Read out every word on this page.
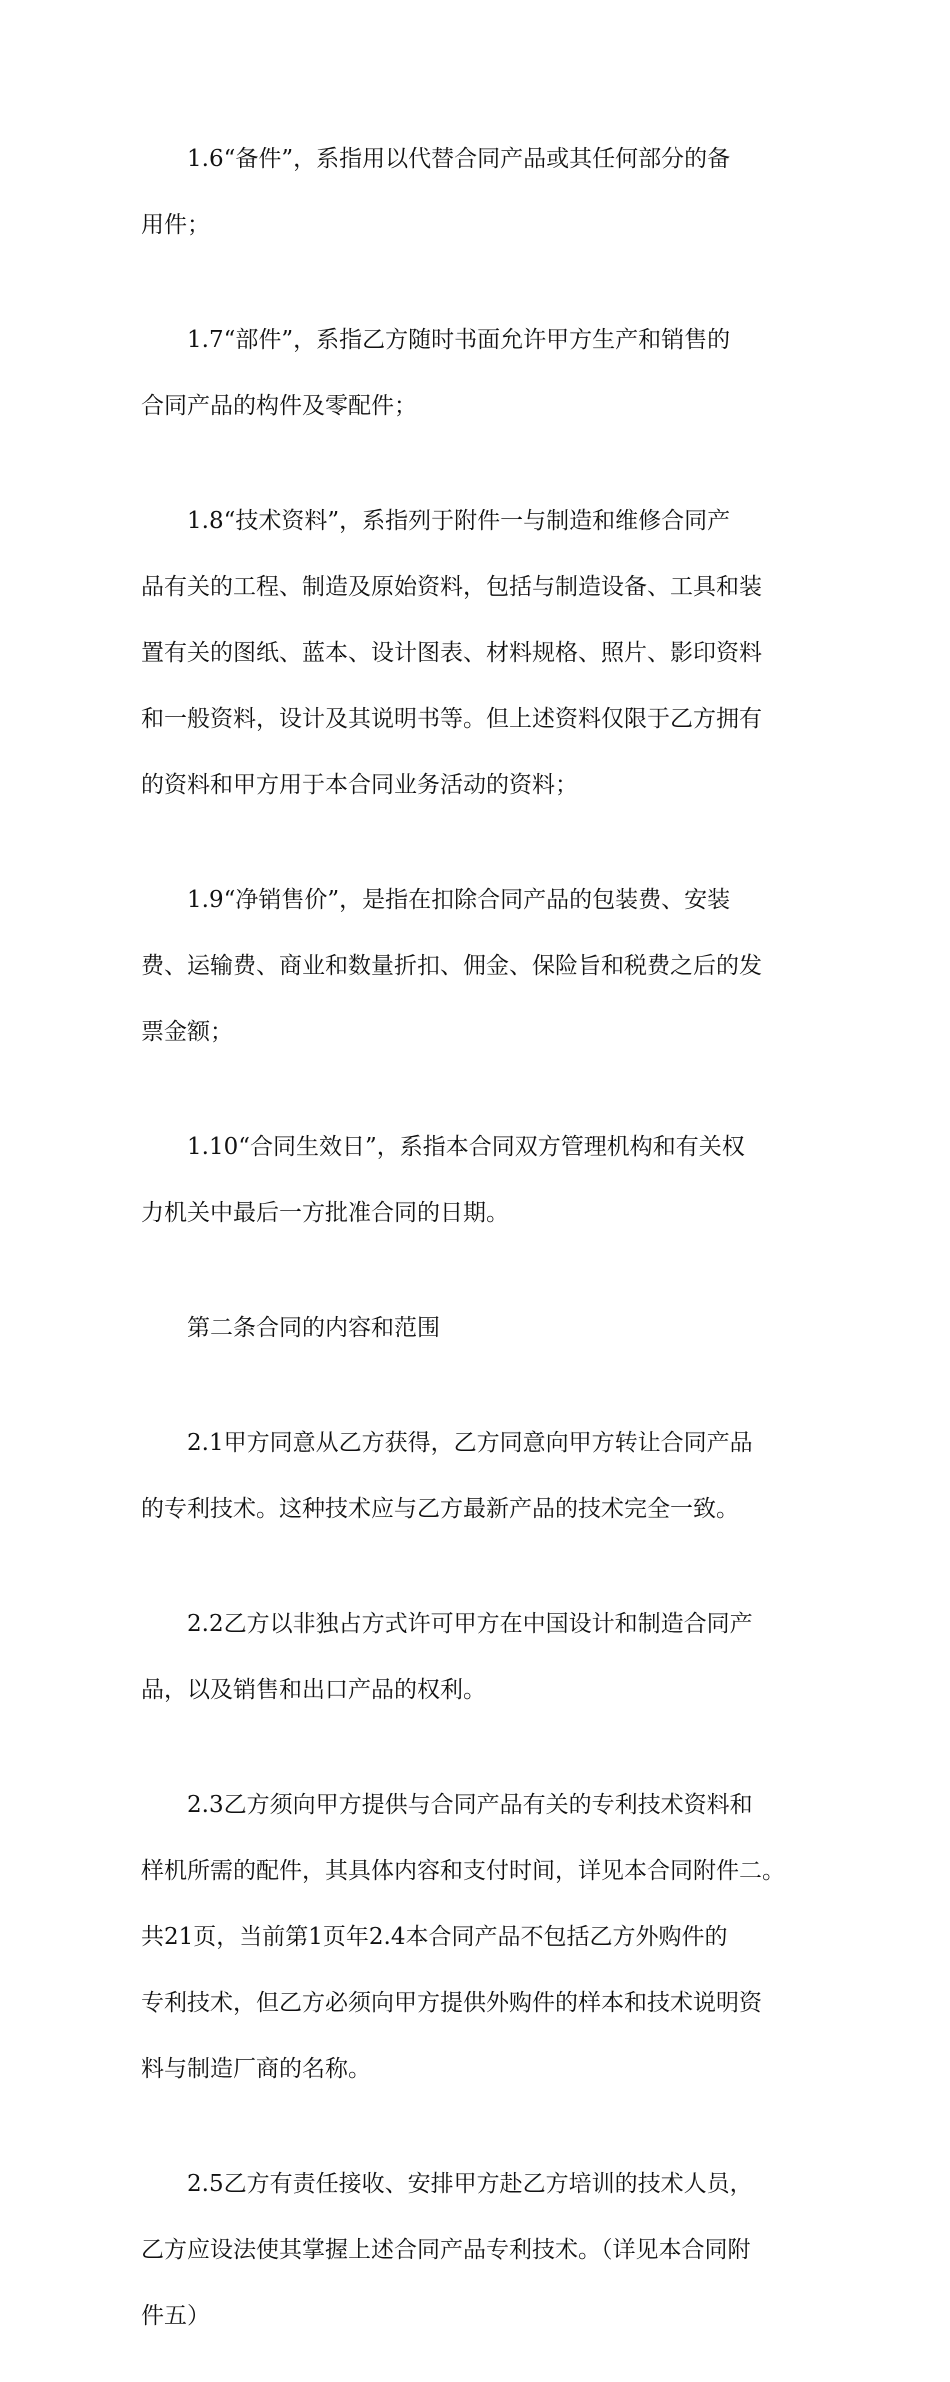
1.6“备件”，系指用以代替合同产品或其任何部分的备

用件；

1.7“部件”，系指乙方随时书面允许甲方生产和销售的

合同产品的构件及零配件；

1.8“技术资料”，系指列于附件一与制造和维修合同产

品有关的工程、制造及原始资料，包括与制造设备、工具和装

置有关的图纸、蓝本、设计图表、材料规格、照片、影印资料

和一般资料，设计及其说明书等。但上述资料仅限于乙方拥有

的资料和甲方用于本合同业务活动的资料；

1.9“净销售价”，是指在扣除合同产品的包装费、安装

费、运输费、商业和数量折扣、佣金、保险旨和税费之后的发

票金额；

1.10“合同生效日”，系指本合同双方管理机构和有关权

力机关中最后一方批准合同的日期。

第二条合同的内容和范围

2.1甲方同意从乙方获得，乙方同意向甲方转让合同产品

的专利技术。这种技术应与乙方最新产品的技术完全一致。

2.2乙方以非独占方式许可甲方在中国设计和制造合同产

品，以及销售和出口产品的权利。

2.3乙方须向甲方提供与合同产品有关的专利技术资料和

样机所需的配件，其具体内容和支付时间，详见本合同附件二。

共21页，当前第1页年2.4本合同产品不包括乙方外购件的

专利技术，但乙方必须向甲方提供外购件的样本和技术说明资

料与制造厂商的名称。

2.5乙方有责任接收、安排甲方赴乙方培训的技术人员，

乙方应设法使其掌握上述合同产品专利技术。（详见本合同附

件五）
